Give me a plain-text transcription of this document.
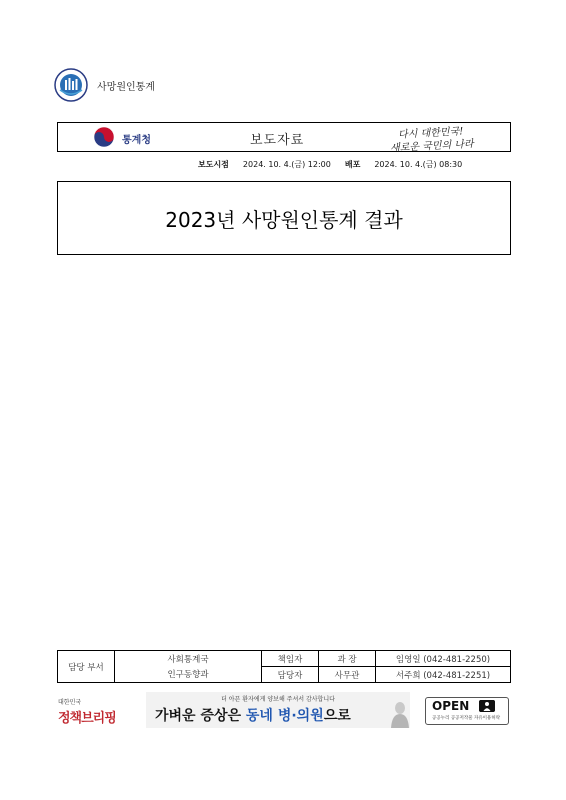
사망원인통계
통계청	보도자료	다시 대한민국!
새로운 국민의 나라
보도시점 2024. 10. 4.(금) 12:00 배포 2024. 10. 4.(금) 08:30
2023년 사망원인통계 결과
담당 부서	사회통계국	책임자	과 장	임영일 (042-481-2250)
	인구동향과	담당자	사무관	서주희 (042-481-2251)
대한민국
정책브리핑
더 아픈 환자에게 양보해 주셔서 감사합니다
가벼운 증상은 동네 병·의원으로
OPEN
공공누리 공공저작물 자유이용허락
